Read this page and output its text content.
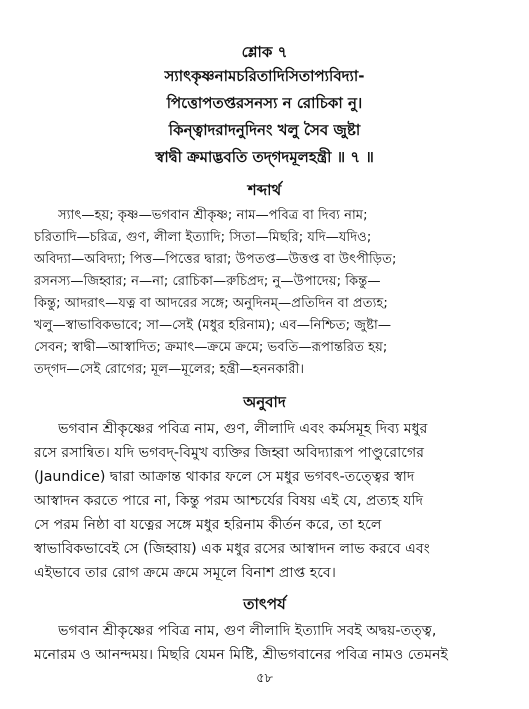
শ্লোক ৭
স্যাৎকৃষ্ণনামচরিতাদিসিতাপ্যবিদ্যা-
পিত্তোপতপ্তরসনস্য ন রোচিকা নু।
কিন্ত্বাদরাদনুদিনং খলু সৈব জুষ্টা
স্বাদ্বী ক্রমাদ্ভবতি তদ্‌গদমূলহন্ত্রী ॥ ৭ ॥
শব্দার্থ
স্যাৎ—হয়; কৃষ্ণ—ভগবান শ্রীকৃষ্ণ; নাম—পবিত্র বা দিব্য নাম;
চরিতাদি—চরিত্র, গুণ, লীলা ইত্যাদি; সিতা—মিছরি; যদি—যদিও;
অবিদ্যা—অবিদ্যা; পিত্ত—পিত্তের দ্বারা; উপতপ্ত—উত্তপ্ত বা উৎপীড়িত;
রসনস্য—জিহ্বার; ন—না; রোচিকা—রুচিপ্রদ; নু—উপাদেয়; কিন্তু—
কিন্তু; আদরাৎ—যত্ন বা আদরের সঙ্গে; অনুদিনম্—প্রতিদিন বা প্রত্যহ;
খলু—স্বাভাবিকভাবে; সা—সেই (মধুর হরিনাম); এব—নিশ্চিত; জুষ্টা—
সেবন; স্বাদ্বী—আস্বাদিত; ক্রমাৎ—ক্রমে ক্রমে; ভবতি—রূপান্তরিত হয়;
তদ্‌গদ—সেই রোগের; মূল—মূলের; হন্ত্রী—হননকারী।
অনুবাদ
ভগবান শ্রীকৃষ্ণের পবিত্র নাম, গুণ, লীলাদি এবং কর্মসমূহ দিব্য মধুর
রসে রসান্বিত। যদি ভগবদ্-বিমুখ ব্যক্তির জিহ্বা অবিদ্যারূপ পাণ্ডুরোগের
(Jaundice) দ্বারা আক্রান্ত থাকার ফলে সে মধুর ভগবৎ-তত্ত্বের স্বাদ
আস্বাদন করতে পারে না, কিন্তু পরম আশ্চর্যের বিষয় এই যে, প্রত্যহ যদি
সে পরম নিষ্ঠা বা যত্নের সঙ্গে মধুর হরিনাম কীর্তন করে, তা হলে
স্বাভাবিকভাবেই সে (জিহ্বায়) এক মধুর রসের আস্বাদন লাভ করবে এবং
এইভাবে তার রোগ ক্রমে ক্রমে সমূলে বিনাশ প্রাপ্ত হবে।
তাৎপর্য
ভগবান শ্রীকৃষ্ণের পবিত্র নাম, গুণ লীলাদি ইত্যাদি সবই অদ্বয়-তত্ত্ব,
মনোরম ও আনন্দময়। মিছরি যেমন মিষ্টি, শ্রীভগবানের পবিত্র নামও তেমনই
৫৮
